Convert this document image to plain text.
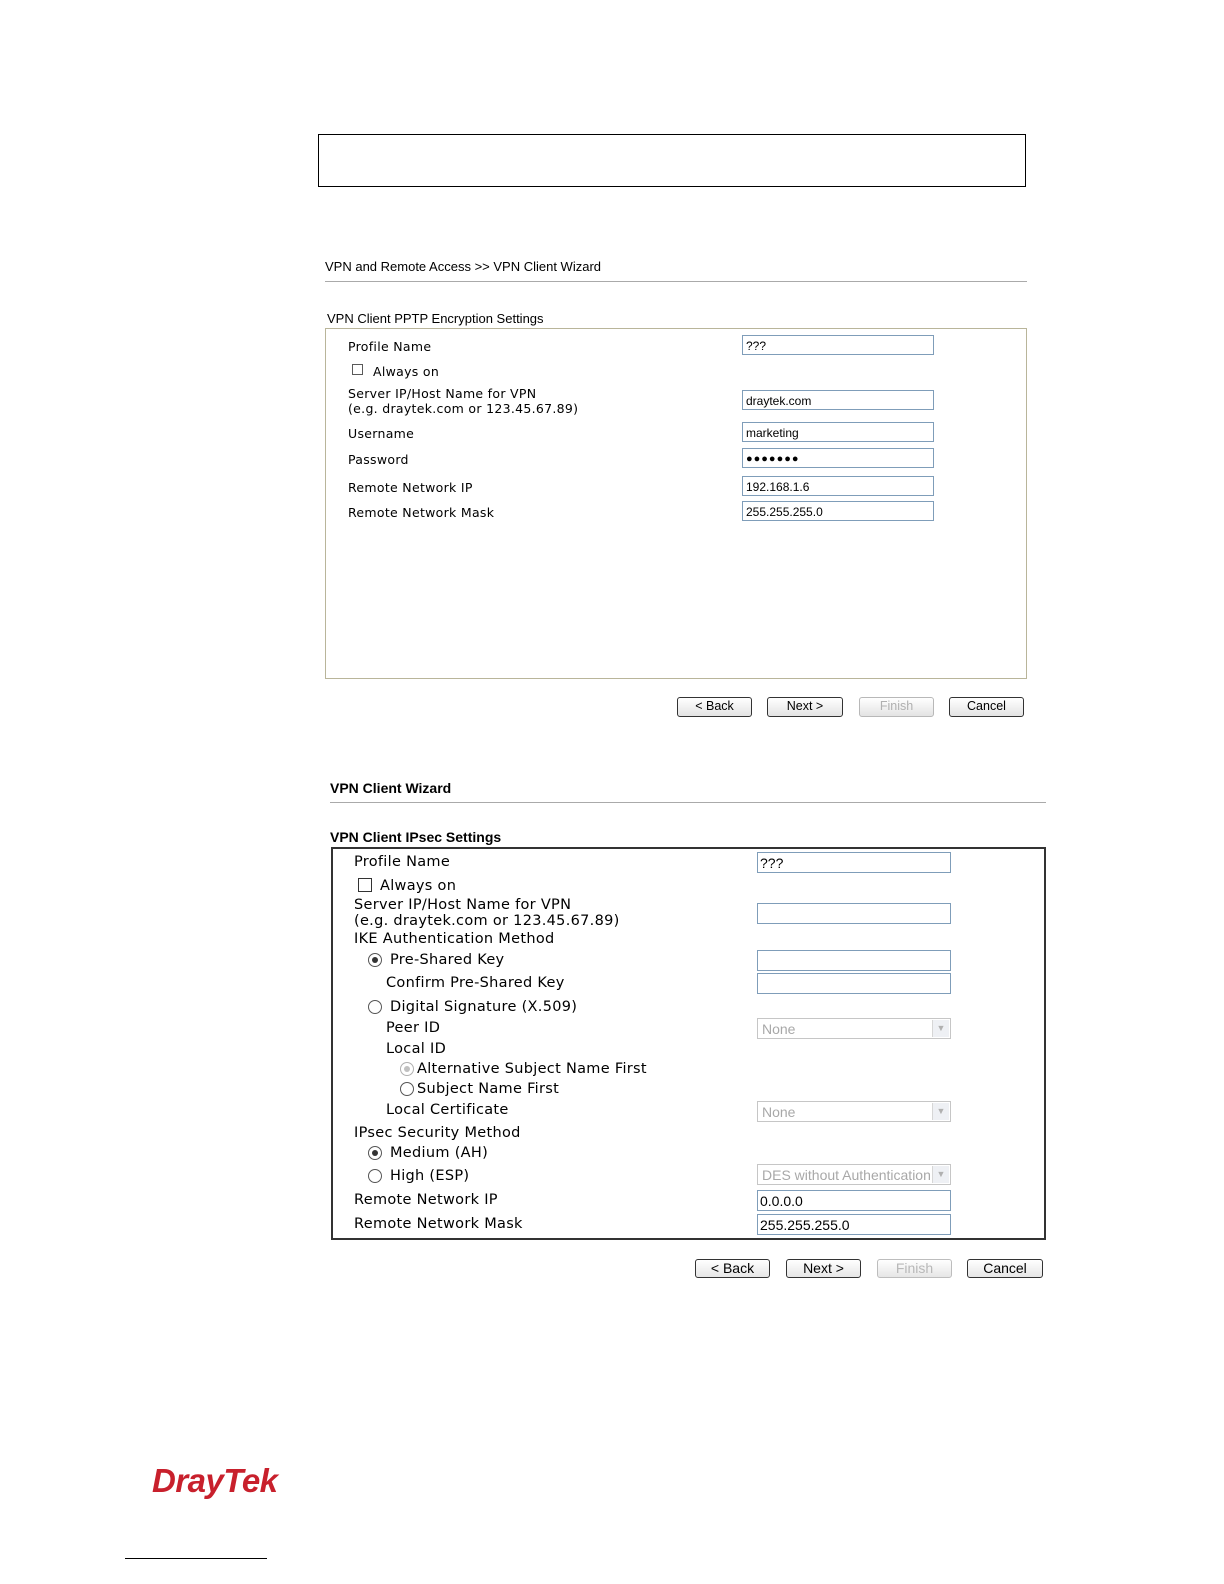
VPN and Remote Access >> VPN Client Wizard
VPN Client PPTP Encryption Settings
Profile Name	???
Always on
Server IP/Host Name for VPN
(e.g. draytek.com or 123.45.67.89)	draytek.com
Username	marketing
Password	●●●●●●●
Remote Network IP	192.168.1.6
Remote Network Mask	255.255.255.0
< Back	Next >	Finish	Cancel
VPN Client Wizard
VPN Client IPsec Settings
Profile Name	???
Always on
Server IP/Host Name for VPN
(e.g. draytek.com or 123.45.67.89)
IKE Authentication Method
Pre-Shared Key
Confirm Pre-Shared Key
Digital Signature (X.509)
Peer ID	None	▼
Local ID
Alternative Subject Name First
Subject Name First
Local Certificate	None	▼
IPsec Security Method
Medium (AH)
High (ESP)	DES without Authentication ▼
Remote Network IP	0.0.0.0
Remote Network Mask	255.255.255.0
< Back	Next >	Finish	Cancel
DrayTek
